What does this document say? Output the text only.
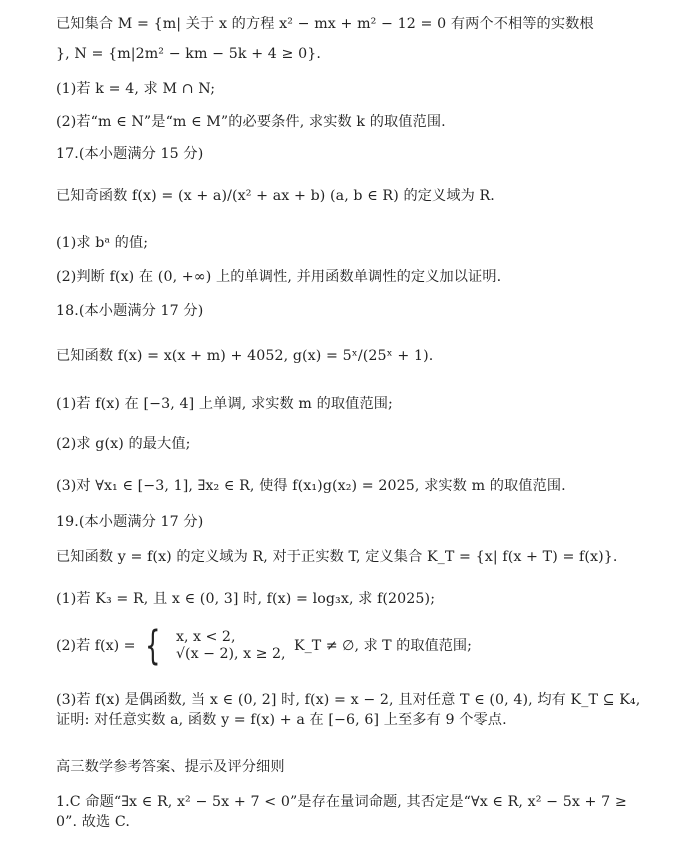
已知集合 M = {m| 关于 x 的方程 x² − mx + m² − 12 = 0 有两个不相等的实数根
}, N = {m|2m² − km − 5k + 4 ≥ 0}.
(1)若 k = 4, 求 M ∩ N;
(2)若“m ∈ N”是“m ∈ M”的必要条件, 求实数 k 的取值范围.
17.(本小题满分 15 分)
已知奇函数 f(x) = (x + a)/(x² + ax + b) (a, b ∈ R) 的定义域为 R.
(1)求 bᵃ 的值;
(2)判断 f(x) 在 (0, +∞) 上的单调性, 并用函数单调性的定义加以证明.
18.(本小题满分 17 分)
已知函数 f(x) = x(x + m) + 4052, g(x) = 5ˣ/(25ˣ + 1).
(1)若 f(x) 在 [−3, 4] 上单调, 求实数 m 的取值范围;
(2)求 g(x) 的最大值;
(3)对 ∀x₁ ∈ [−3, 1], ∃x₂ ∈ R, 使得 f(x₁)g(x₂) = 2025, 求实数 m 的取值范围.
19.(本小题满分 17 分)
已知函数 y = f(x) 的定义域为 R, 对于正实数 T, 定义集合 K_T = {x| f(x + T) = f(x)}.
(1)若 K₃ = R, 且 x ∈ (0, 3] 时, f(x) = log₃x, 求 f(2025);
(2)若 f(x) = { x, x < 2,
√(x − 2), x ≥ 2, K_T ≠ ∅, 求 T 的取值范围;
(3)若 f(x) 是偶函数, 当 x ∈ (0, 2] 时, f(x) = x − 2, 且对任意 T ∈ (0, 4), 均有 K_T ⊆ K₄, 证明: 对任意实数 a, 函数 y = f(x) + a 在 [−6, 6] 上至多有 9 个零点.
高三数学参考答案、提示及评分细则
1.C 命题“∃x ∈ R, x² − 5x + 7 < 0”是存在量词命题, 其否定是“∀x ∈ R, x² − 5x + 7 ≥ 0”. 故选 C.
